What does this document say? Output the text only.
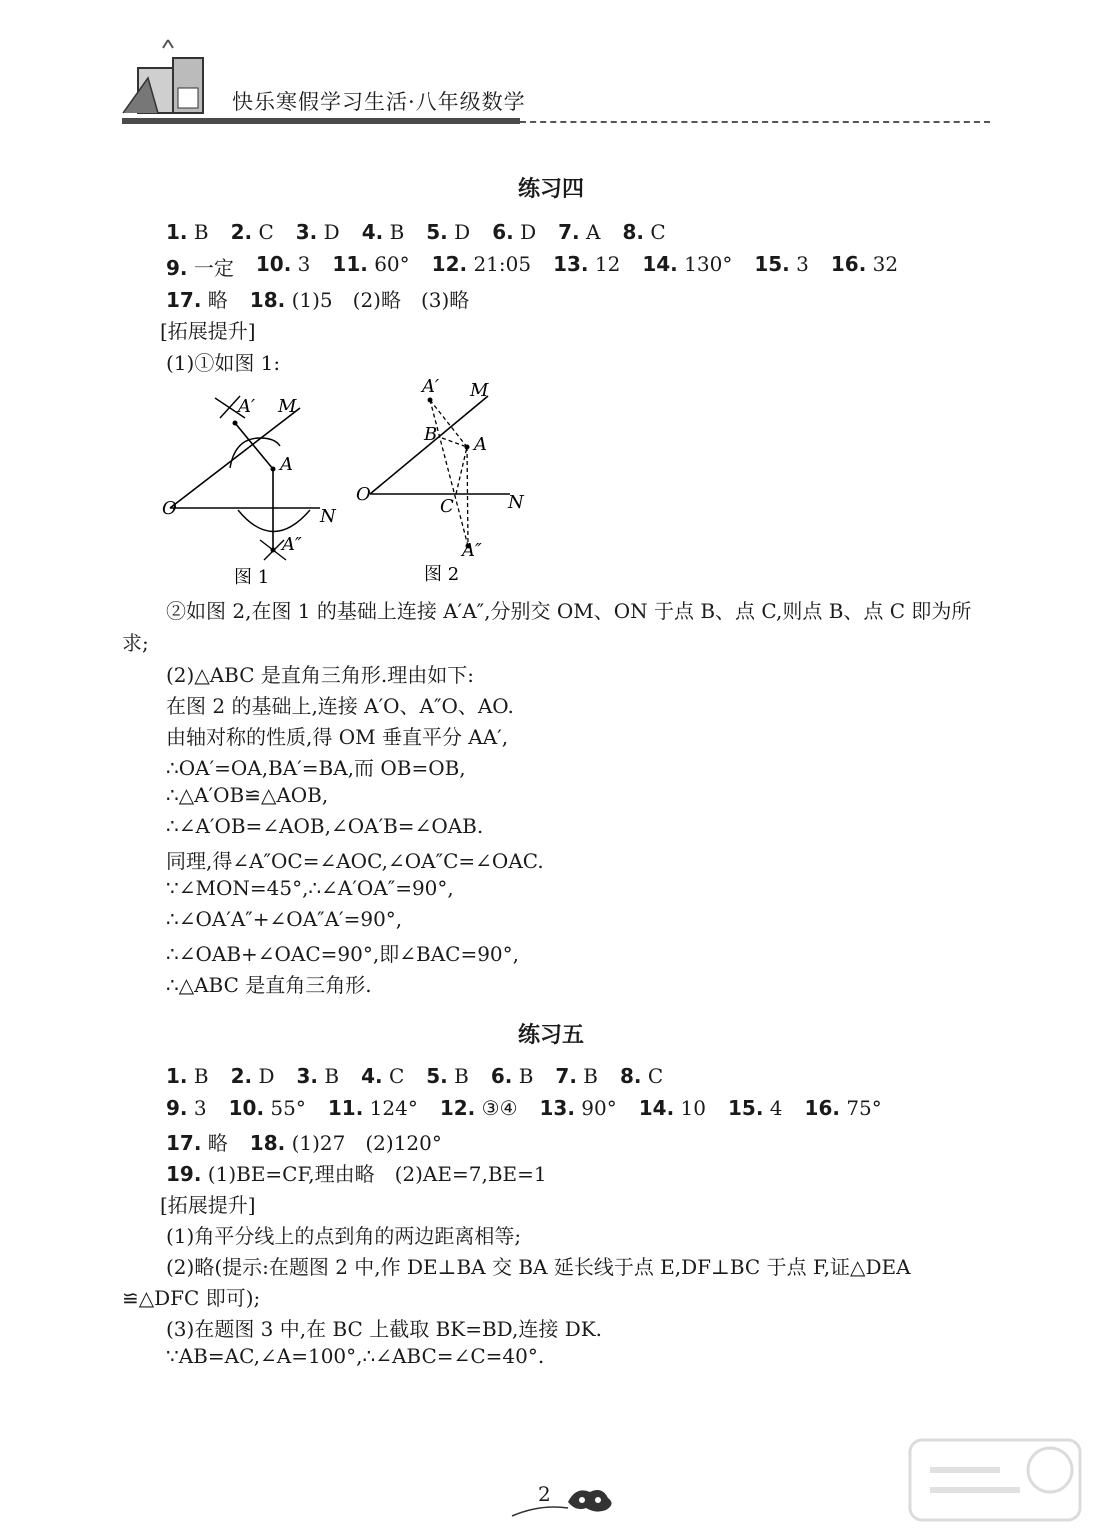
快乐寒假学习生活·八年级数学
练习四
1. B 2. C 3. D 4. B 5. D 6. D 7. A 8. C
9. 一定 10. 3 11. 60° 12. 21:05 13. 12 14. 130° 15. 3 16. 32
17. 略 18. (1)5　(2)略　(3)略
[拓展提升]
(1)①如图 1:
A′ M
A
O	N
A″
图 1
A′ M
B A
O
C	N
A″
图 2
②如图 2,在图 1 的基础上连接 A′A″,分别交 OM、ON 于点 B、点 C,则点 B、点 C 即为所
求;
(2)△ABC 是直角三角形.理由如下:
在图 2 的基础上,连接 A′O、A″O、AO.
由轴对称的性质,得 OM 垂直平分 AA′,
∴OA′=OA,BA′=BA,而 OB=OB,
∴△A′OB≌△AOB,
∴∠A′OB=∠AOB,∠OA′B=∠OAB.
同理,得∠A″OC=∠AOC,∠OA″C=∠OAC.
∵∠MON=45°,∴∠A′OA″=90°,
∴∠OA′A″+∠OA″A′=90°,
∴∠OAB+∠OAC=90°,即∠BAC=90°,
∴△ABC 是直角三角形.
练习五
1. B 2. D 3. B 4. C 5. B 6. B 7. B 8. C
9. 3 10. 55° 11. 124° 12. ③④ 13. 90° 14. 10 15. 4 16. 75°
17. 略 18. (1)27　(2)120°
19. (1)BE=CF,理由略　(2)AE=7,BE=1
[拓展提升]
(1)角平分线上的点到角的两边距离相等;
(2)略(提示:在题图 2 中,作 DE⊥BA 交 BA 延长线于点 E,DF⊥BC 于点 F,证△DEA
≌△DFC 即可);
(3)在题图 3 中,在 BC 上截取 BK=BD,连接 DK.
∵AB=AC,∠A=100°,∴∠ABC=∠C=40°.
2
